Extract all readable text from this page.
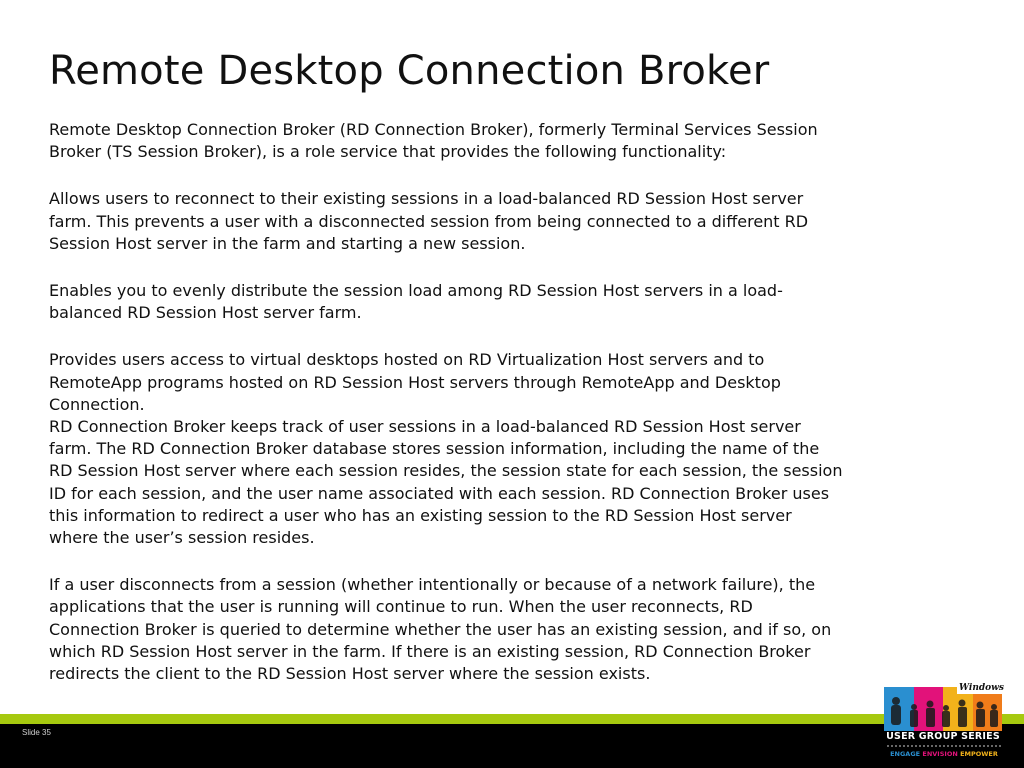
Remote Desktop Connection Broker

Remote Desktop Connection Broker (RD Connection Broker), formerly Terminal Services Session
Broker (TS Session Broker), is a role service that provides the following functionality:

Allows users to reconnect to their existing sessions in a load-balanced RD Session Host server
farm. This prevents a user with a disconnected session from being connected to a different RD
Session Host server in the farm and starting a new session.

Enables you to evenly distribute the session load among RD Session Host servers in a load-
balanced RD Session Host server farm.

Provides users access to virtual desktops hosted on RD Virtualization Host servers and to
RemoteApp programs hosted on RD Session Host servers through RemoteApp and Desktop
Connection.

RD Connection Broker keeps track of user sessions in a load-balanced RD Session Host server
farm. The RD Connection Broker database stores session information, including the name of the
RD Session Host server where each session resides, the session state for each session, the session
ID for each session, and the user name associated with each session. RD Connection Broker uses
this information to redirect a user who has an existing session to the RD Session Host server
where the user’s session resides.

If a user disconnects from a session (whether intentionally or because of a network failure), the
applications that the user is running will continue to run. When the user reconnects, RD
Connection Broker is queried to determine whether the user has an existing session, and if so, on
which RD Session Host server in the farm. If there is an existing session, RD Connection Broker
redirects the client to the RD Session Host server where the session exists.

Slide 35
Windows
USER GROUP SERIES
ENGAGE ENVISION EMPOWER
